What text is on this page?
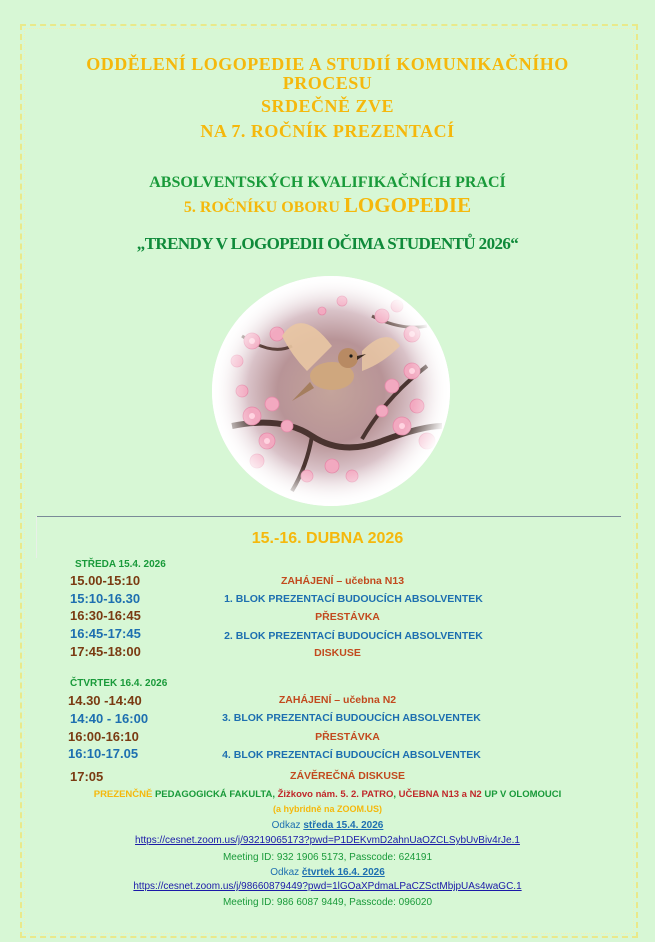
ODDĚLENÍ LOGOPEDIE A STUDIÍ KOMUNIKAČNÍHO
PROCESU
SRDEČNĚ ZVE
NA 7. ROČNÍK PREZENTACÍ
ABSOLVENTSKÝCH KVALIFIKAČNÍCH PRACÍ
5. ROČNÍKU OBORU LOGOPEDIE
„TRENDY V LOGOPEDII OČIMA STUDENTŮ 2026“
15.-16. DUBNA 2026
STŘEDA 15.4. 2026
15.00-15:10	ZAHÁJENÍ – učebna N13
15:10-16.30	1. BLOK PREZENTACÍ BUDOUCÍCH ABSOLVENTEK
16:30-16:45	PŘESTÁVKA
16:45-17:45	2. BLOK PREZENTACÍ BUDOUCÍCH ABSOLVENTEK
17:45-18:00	DISKUSE
ČTVRTEK 16.4. 2026
14.30 -14:40	ZAHÁJENÍ – učebna N2
14:40 - 16:00	3. BLOK PREZENTACÍ BUDOUCÍCH ABSOLVENTEK
16:00-16:10	PŘESTÁVKA
16:10-17.05	4. BLOK PREZENTACÍ BUDOUCÍCH ABSOLVENTEK
17:05	ZÁVĚREČNÁ DISKUSE
PREZENČNĚ PEDAGOGICKÁ FAKULTA, Žižkovo nám. 5. 2. PATRO, UČEBNA N13 a N2 UP V OLOMOUCI
(a hybridně na ZOOM.US)
Odkaz středa 15.4. 2026
https://cesnet.zoom.us/j/93219065173?pwd=P1DEKvmD2ahnUaOZCLSybUvBiv4rJe.1
Meeting ID: 932 1906 5173, Passcode: 624191
Odkaz čtvrtek 16.4. 2026
https://cesnet.zoom.us/j/98660879449?pwd=1lGOaXPdmaLPaCZSctMbjpUAs4waGC.1
Meeting ID: 986 6087 9449, Passcode: 096020
